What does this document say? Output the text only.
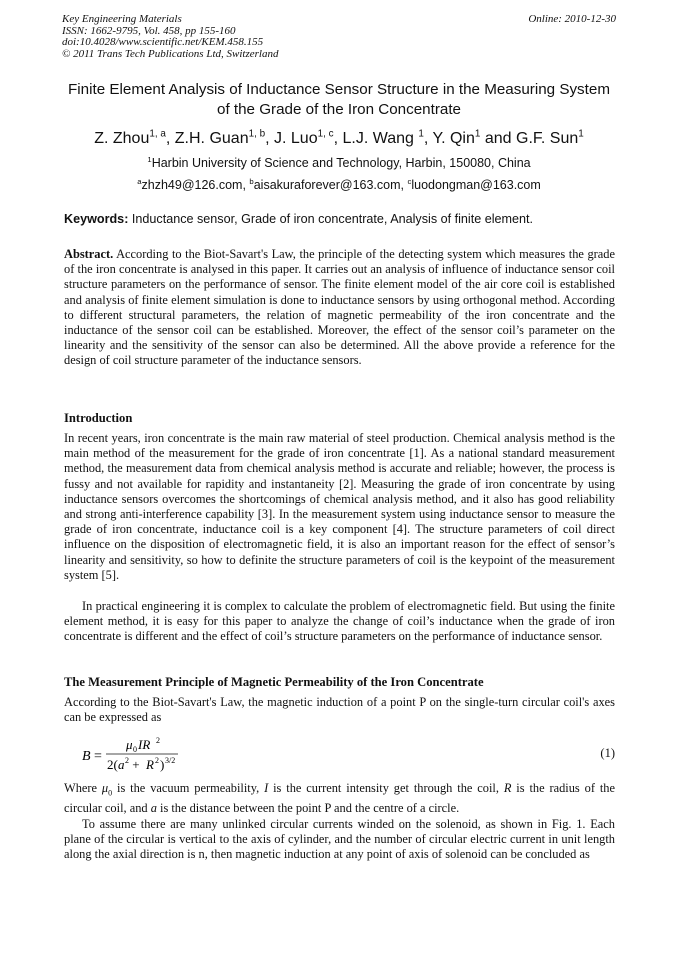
Key Engineering Materials
ISSN: 1662-9795, Vol. 458, pp 155-160
doi:10.4028/www.scientific.net/KEM.458.155
© 2011 Trans Tech Publications Ltd, Switzerland
Online: 2010-12-30
Finite Element Analysis of Inductance Sensor Structure in the Measuring System of the Grade of the Iron Concentrate
Z. Zhou$^{1, a}$, Z.H. Guan$^{1, b}$, J. Luo$^{1, c}$, L.J. Wang $^1$, Y. Qin$^1$ and G.F. Sun$^1$
$^1$Harbin University of Science and Technology, Harbin, 150080, China
$^a$zhzh49@126.com, $^b$aisakuraforever@163.com, $^c$luodongman@163.com
Keywords: Inductance sensor, Grade of iron concentrate, Analysis of finite element.
Abstract. According to the Biot-Savart's Law, the principle of the detecting system which measures the grade of the iron concentrate is analysed in this paper. It carries out an analysis of influence of inductance sensor coil structure parameters on the performance of sensor. The finite element model of the air core coil is established and analysis of finite element simulation is done to inductance sensors by using orthogonal method. According to different structural parameters, the relation of magnetic permeability of the iron concentrate and the inductance of the sensor coil can be established. Moreover, the effect of the sensor coil’s parameter on the linearity and the sensitivity of the sensor can also be determined. All the above provide a reference for the design of coil structure parameter of the inductance sensors.
Introduction
In recent years, iron concentrate is the main raw material of steel production. Chemical analysis method is the main method of the measurement for the grade of iron concentrate [1]. As a national standard measurement method, the measurement data from chemical analysis method is accurate and reliable; however, the process is fussy and not available for rapidity and instantaneity [2]. Measuring the grade of iron concentrate by using inductance sensors overcomes the shortcomings of chemical analysis method, and it also has good reliability and strong anti-interference capability [3]. In the measurement system using inductance sensor to measure the grade of iron concentrate, inductance coil is a key component [4]. The structure parameters of coil direct influence on the disposition of electromagnetic field, it is also an important reason for the effect of sensor’s linearity and sensitivity, so how to definite the structure parameters of coil is the keypoint of the measurement system [5].
In practical engineering it is complex to calculate the problem of electromagnetic field. But using the finite element method, it is easy for this paper to analyze the change of coil’s inductance when the grade of iron concentrate is different and the effect of coil’s structure parameters on the performance of inductance sensor.
The Measurement Principle of Magnetic Permeability of the Iron Concentrate
According to the Biot-Savart's Law, the magnetic induction of a point P on the single-turn circular coil's axes can be expressed as
B =
μ 0 IR 2
2( a 2 + R 2 ) 3/2
(1)
Where $\mu_0$ is the vacuum permeability, I is the current intensity get through the coil, R is the radius of the circular coil, and a is the distance between the point P and the centre of a circle.
To assume there are many unlinked circular currents winded on the solenoid, as shown in Fig. 1. Each plane of the circular is vertical to the axis of cylinder, and the number of circular electric current in unit length along the axial direction is n, then magnetic induction at any point of axis of solenoid can be concluded as
